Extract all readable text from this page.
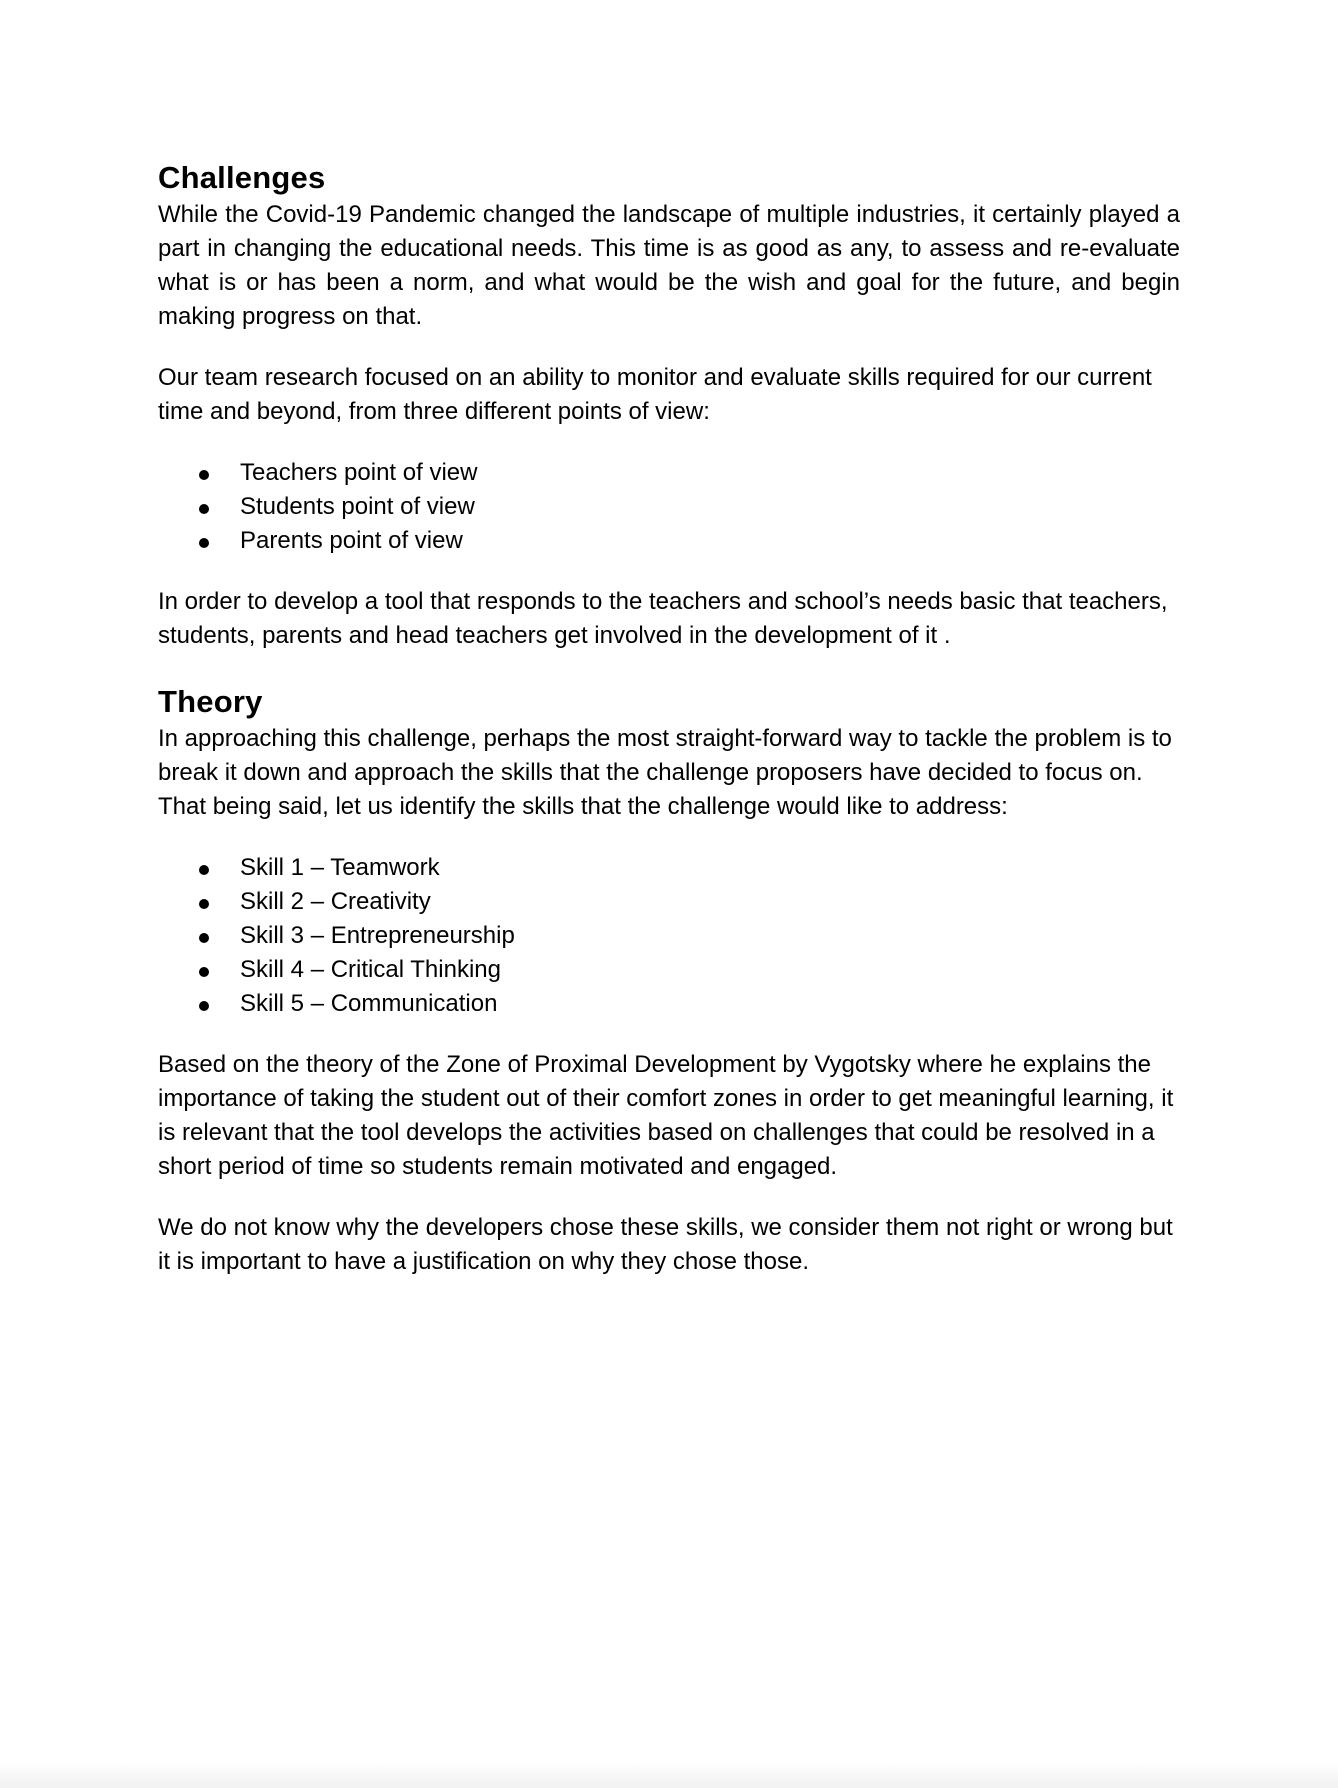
Challenges

While the Covid-19 Pandemic changed the landscape of multiple industries, it certainly played a part in changing the educational needs. This time is as good as any, to assess and re-evaluate what is or has been a norm, and what would be the wish and goal for the future, and begin making progress on that.

Our team research focused on an ability to monitor and evaluate skills required for our current time and beyond, from three different points of view:

Teachers point of view
Students point of view
Parents point of view

In order to develop a tool that responds to the teachers and school’s needs basic that teachers, students, parents and head teachers get involved in the development of it .

Theory

In approaching this challenge, perhaps the most straight-forward way to tackle the problem is to break it down and approach the skills that the challenge proposers have decided to focus on. That being said, let us identify the skills that the challenge would like to address:

Skill 1 – Teamwork
Skill 2 – Creativity
Skill 3 – Entrepreneurship
Skill 4 – Critical Thinking
Skill 5 – Communication

Based on the theory of the Zone of Proximal Development by Vygotsky where he explains the importance of taking the student out of their comfort zones in order to get meaningful learning, it is relevant that the tool develops the activities based on challenges that could be resolved in a short period of time so students remain motivated and engaged.

We do not know why the developers chose these skills, we consider them not right or wrong but it is important to have a justification on why they chose those.
